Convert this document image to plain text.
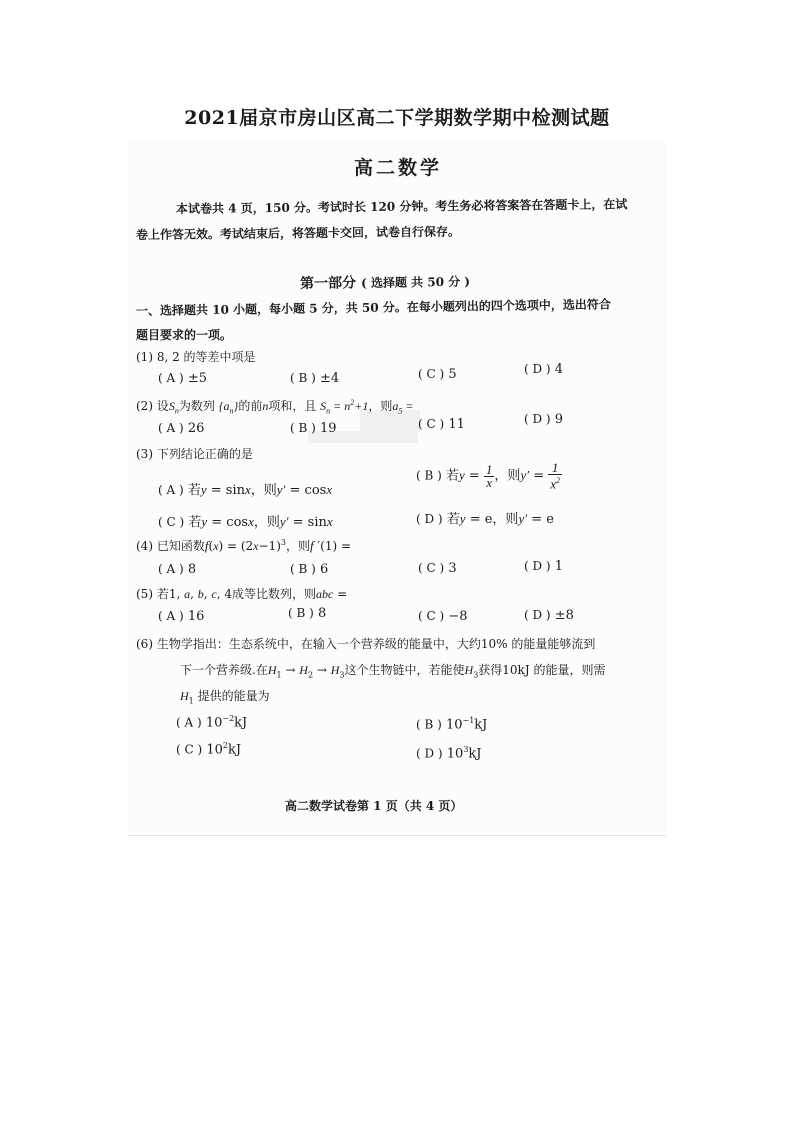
2021届京市房山区高二下学期数学期中检测试题
高二数学
本试卷共 4 页，150 分。考试时长 120 分钟。考生务必将答案答在答题卡上，在试
卷上作答无效。考试结束后，将答题卡交回，试卷自行保存。
第一部分 ( 选择题 共 50 分 )
一、选择题共 10 小题，每小题 5 分，共 50 分。在每小题列出的四个选项中，选出符合
题目要求的一项。
(1) 8, 2 的等差中项是
( A ) ±5	( B ) ±4	( C ) 5	( D ) 4
(2) 设$S_n$为数列 $\{a_n\}$的前n项和，且 $S_n = n^2+1$，则$a_5$ =
( A ) 26	( B ) 19	( C ) 11	( D ) 9
(3) 下列结论正确的是
( A ) 若y = sinx，则y′ = cosx
( B ) 若$y = \frac{1}{x}$ ，则$y' = \frac{1}{x^2}$
( C ) 若y = cosx，则y′ = sinx	( D ) 若y = e，则y′ = e
(4) 已知函数$f(x) = (2x-1)^3$，则f ′(1) =
( A ) 8	( B ) 6	( C ) 3	( D ) 1
(5) 若1, a, b, c, 4成等比数列，则abc =
( A ) 16	( B ) 8	( C ) −8	( D ) ±8
(6) 生物学指出：生态系统中，在输入一个营养级的能量中，大约10% 的能量能够流到
下一个营养级.在$H_1 \to H_2 \to H_3$这个生物链中，若能使$H_3$获得10kJ 的能量，则需
$H_1$ 提供的能量为
( A ) $10^{-2}kJ$	( B ) $10^{-1}kJ$
( C ) $10^2kJ$	( D ) $10^3kJ$
高二数学试卷第 1 页（共 4 页）
